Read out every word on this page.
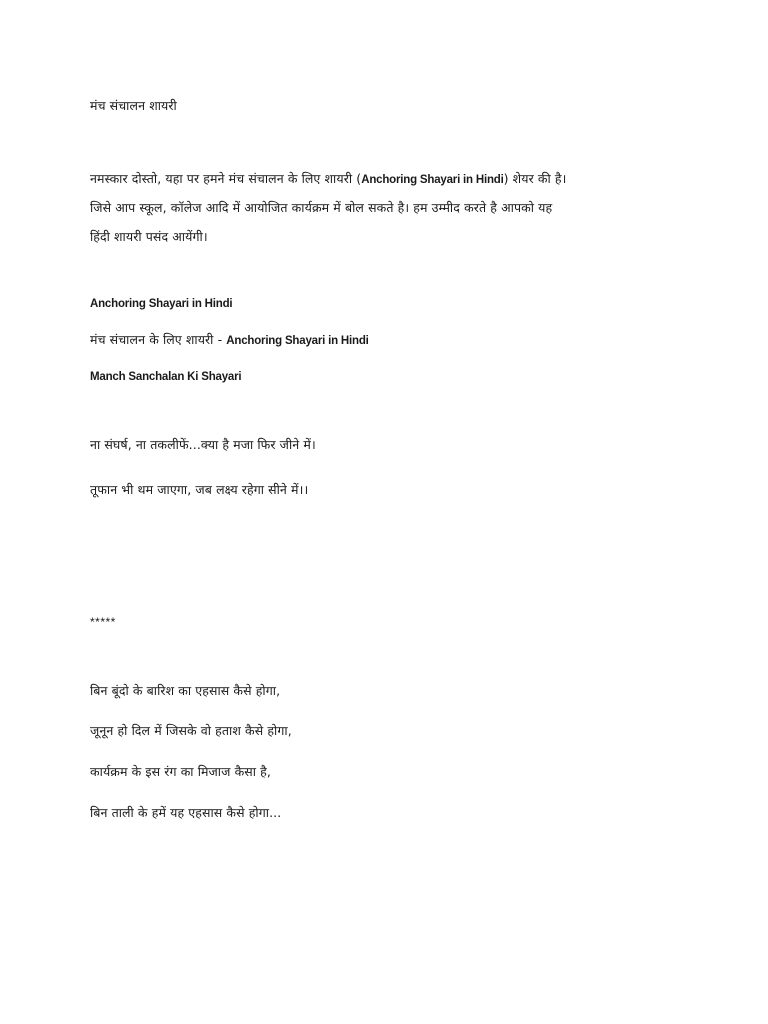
मंच संचालन शायरी

नमस्कार दोस्तो, यहा पर हमने मंच संचालन के लिए शायरी (Anchoring Shayari in Hindi) शेयर की है।

जिसे आप स्कूल, कॉलेज आदि में आयोजित कार्यक्रम में बोल सकते है। हम उम्मीद करते है आपको यह

हिंदी शायरी पसंद आयेंगी।

Anchoring Shayari in Hindi

मंच संचालन के लिए शायरी - Anchoring Shayari in Hindi

Manch Sanchalan Ki Shayari

ना संघर्ष, ना तकलीफें...क्या है मजा फिर जीने में।

तूफान भी थम जाएगा, जब लक्ष्य रहेगा सीने में।।

*****

बिन बूंदो के बारिश का एहसास कैसे होगा,

जूनून हो दिल में जिसके वो हताश कैसे होगा,

कार्यक्रम के इस रंग का मिजाज कैसा है,

बिन ताली के हमें यह एहसास कैसे होगा...
